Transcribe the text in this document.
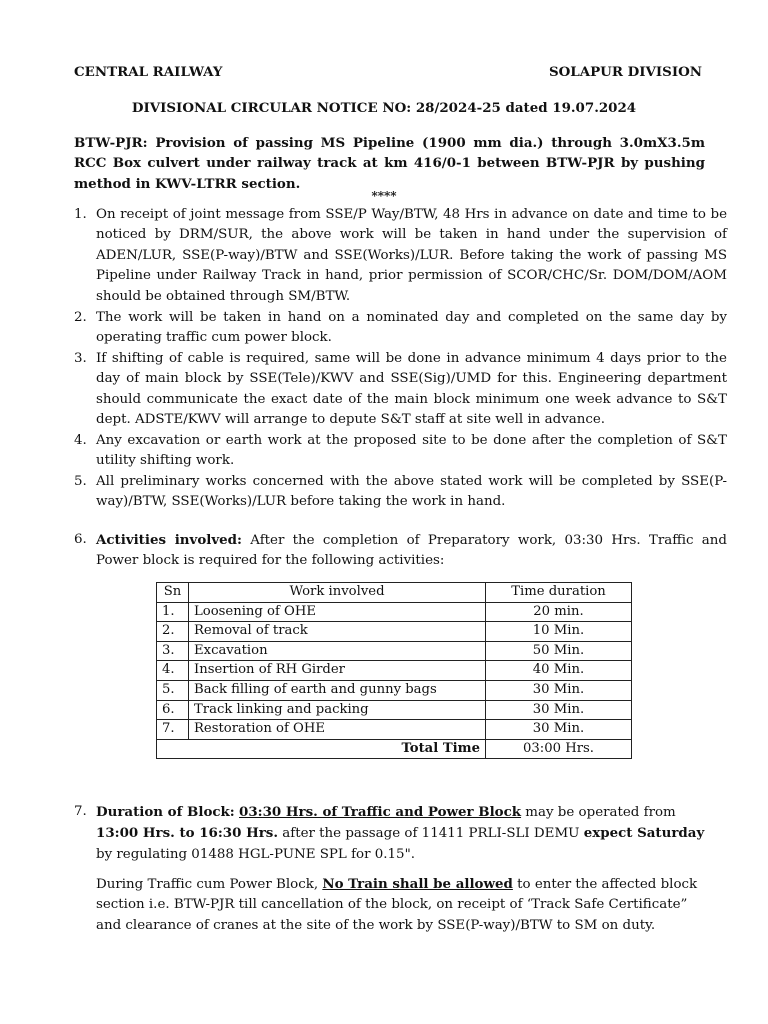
CENTRAL RAILWAY	SOLAPUR DIVISION
DIVISIONAL CIRCULAR NOTICE NO: 28/2024-25 dated 19.07.2024
BTW-PJR: Provision of passing MS Pipeline (1900 mm dia.) through 3.0mX3.5m RCC Box culvert under railway track at km 416/0-1 between BTW-PJR by pushing method in KWV-LTRR section.
****
1. On receipt of joint message from SSE/P Way/BTW, 48 Hrs in advance on date and time to be noticed by DRM/SUR, the above work will be taken in hand under the supervision of ADEN/LUR, SSE(P-way)/BTW and SSE(Works)/LUR. Before taking the work of passing MS Pipeline under Railway Track in hand, prior permission of SCOR/CHC/Sr. DOM/DOM/AOM should be obtained through SM/BTW.
2. The work will be taken in hand on a nominated day and completed on the same day by operating traffic cum power block.
3. If shifting of cable is required, same will be done in advance minimum 4 days prior to the day of main block by SSE(Tele)/KWV and SSE(Sig)/UMD for this. Engineering department should communicate the exact date of the main block minimum one week advance to S&T dept. ADSTE/KWV will arrange to depute S&T staff at site well in advance.
4. Any excavation or earth work at the proposed site to be done after the completion of S&T utility shifting work.
5. All preliminary works concerned with the above stated work will be completed by SSE(P-way)/BTW, SSE(Works)/LUR before taking the work in hand.
6. Activities involved: After the completion of Preparatory work, 03:30 Hrs. Traffic and Power block is required for the following activities:
Sn	Work involved	Time duration
1.	Loosening of OHE	20 min.
2.	Removal of track	10 Min.
3.	Excavation	50 Min.
4.	Insertion of RH Girder	40 Min.
5.	Back filling of earth and gunny bags	30 Min.
6.	Track linking and packing	30 Min.
7.	Restoration of OHE	30 Min.
Total Time		03:00 Hrs.
7. Duration of Block: 03:30 Hrs. of Traffic and Power Block may be operated from
13:00 Hrs. to 16:30 Hrs. after the passage of 11411 PRLI-SLI DEMU expect Saturday
by regulating 01488 HGL-PUNE SPL for 0.15".
During Traffic cum Power Block, No Train shall be allowed to enter the affected block section i.e. BTW-PJR till cancellation of the block, on receipt of ‘Track Safe Certificate” and clearance of cranes at the site of the work by SSE(P-way)/BTW to SM on duty.
